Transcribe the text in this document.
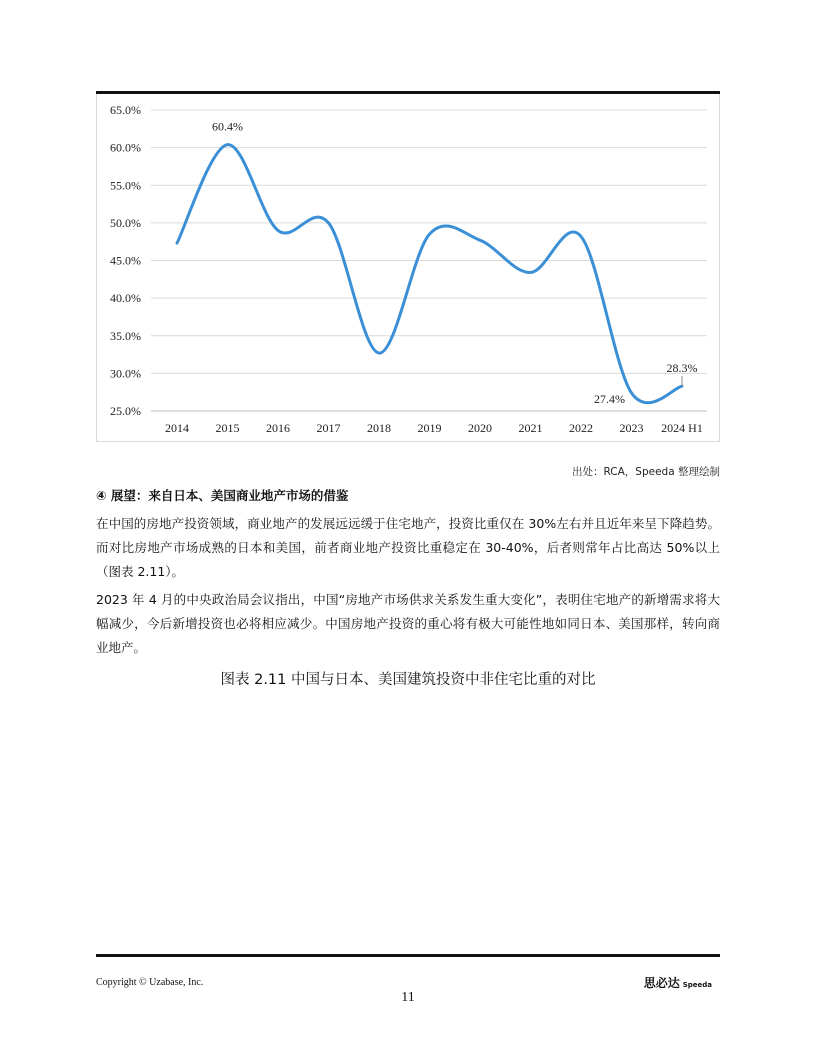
65.0%
60.0%
55.0%
50.0%
45.0%
40.0%
35.0%
30.0%
25.0%
2014 2015 2016 2017 2018 2019 2020 2021 2022 2023 2024 H1
60.4%
27.4%
28.3%
出处：RCA，Speeda 整理绘制
④ 展望：来自日本、美国商业地产市场的借鉴

在中国的房地产投资领域，商业地产的发展远远缓于住宅地产，投资比重仅在 30%左右并且近年来呈下降趋势。而对比房地产市场成熟的日本和美国，前者商业地产投资比重稳定在 30-40%，后者则常年占比高达 50%以上（图表 2.11）。

2023 年 4 月的中央政治局会议指出，中国“房地产市场供求关系发生重大变化”，表明住宅地产的新增需求将大幅减少，今后新增投资也必将相应减少。中国房地产投资的重心将有极大可能性地如同日本、美国那样，转向商业地产。

图表 2.11 中国与日本、美国建筑投资中非住宅比重的对比
Copyright © Uzabase, Inc.	思必达 Speeda
11
